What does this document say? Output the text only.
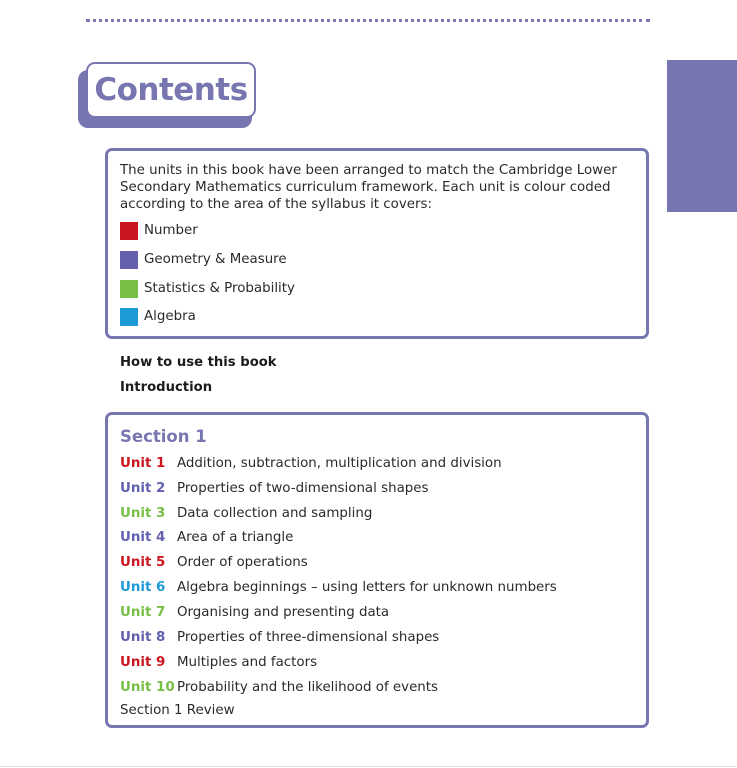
Contents
The units in this book have been arranged to match the Cambridge Lower Secondary Mathematics curriculum framework. Each unit is colour coded according to the area of the syllabus it covers:
Number
Geometry & Measure
Statistics & Probability
Algebra
How to use this book
Introduction
Section 1
Unit 1 Addition, subtraction, multiplication and division
Unit 2 Properties of two-dimensional shapes
Unit 3 Data collection and sampling
Unit 4 Area of a triangle
Unit 5 Order of operations
Unit 6 Algebra beginnings – using letters for unknown numbers
Unit 7 Organising and presenting data
Unit 8 Properties of three-dimensional shapes
Unit 9 Multiples and factors
Unit 10 Probability and the likelihood of events
Section 1 Review
